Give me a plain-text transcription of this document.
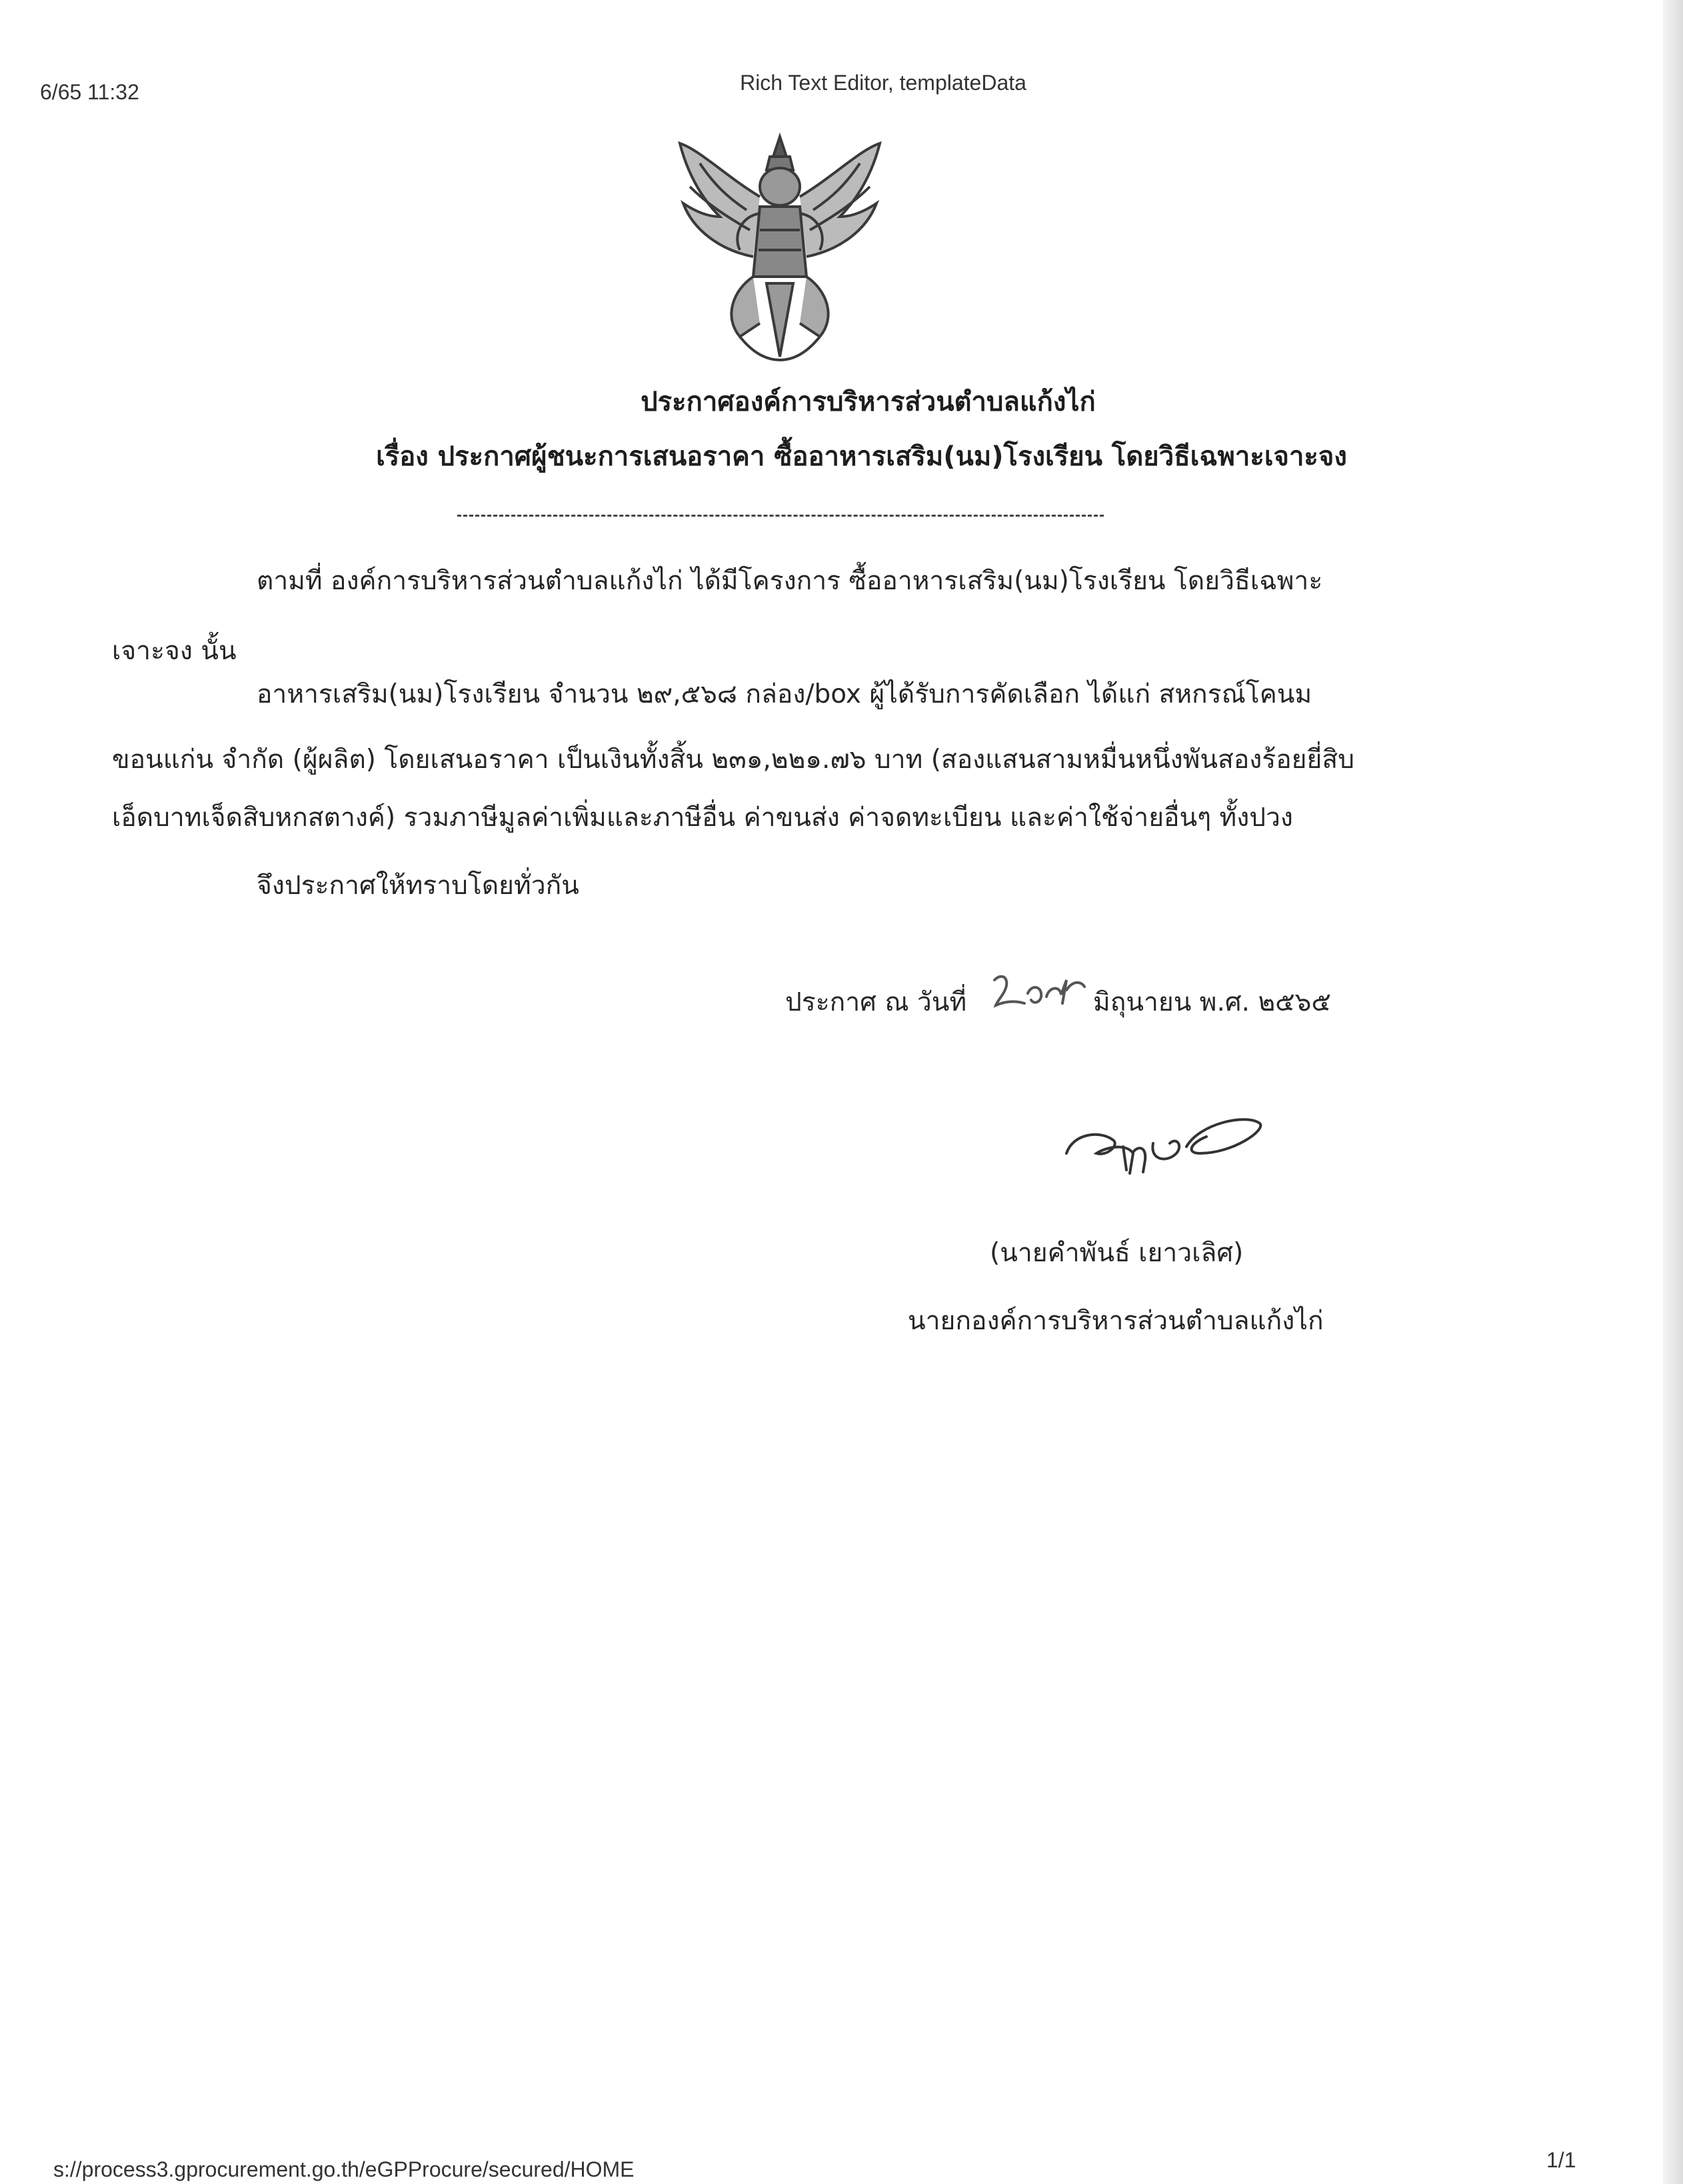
6/65 11:32	Rich Text Editor, templateData
ประกาศองค์การบริหารส่วนตำบลแก้งไก่
เรื่อง ประกาศผู้ชนะการเสนอราคา ซื้ออาหารเสริม(นม)โรงเรียน โดยวิธีเฉพาะเจาะจง
ตามที่ องค์การบริหารส่วนตำบลแก้งไก่ ได้มีโครงการ ซื้ออาหารเสริม(นม)โรงเรียน โดยวิธีเฉพาะ
เจาะจง นั้น
อาหารเสริม(นม)โรงเรียน จำนวน ๒๙,๕๖๘ กล่อง/box ผู้ได้รับการคัดเลือก ได้แก่ สหกรณ์โคนม
ขอนแก่น จำกัด (ผู้ผลิต) โดยเสนอราคา เป็นเงินทั้งสิ้น ๒๓๑,๒๒๑.๗๖ บาท (สองแสนสามหมื่นหนึ่งพันสองร้อยยี่สิบ
เอ็ดบาทเจ็ดสิบหกสตางค์) รวมภาษีมูลค่าเพิ่มและภาษีอื่น ค่าขนส่ง ค่าจดทะเบียน และค่าใช้จ่ายอื่นๆ ทั้งปวง
จึงประกาศให้ทราบโดยทั่วกัน
ประกาศ ณ วันที่	มิถุนายน พ.ศ. ๒๕๖๕
(นายคำพันธ์ เยาวเลิศ)
นายกองค์การบริหารส่วนตำบลแก้งไก่
s://process3.gprocurement.go.th/eGPProcure/secured/HOME	1/1
